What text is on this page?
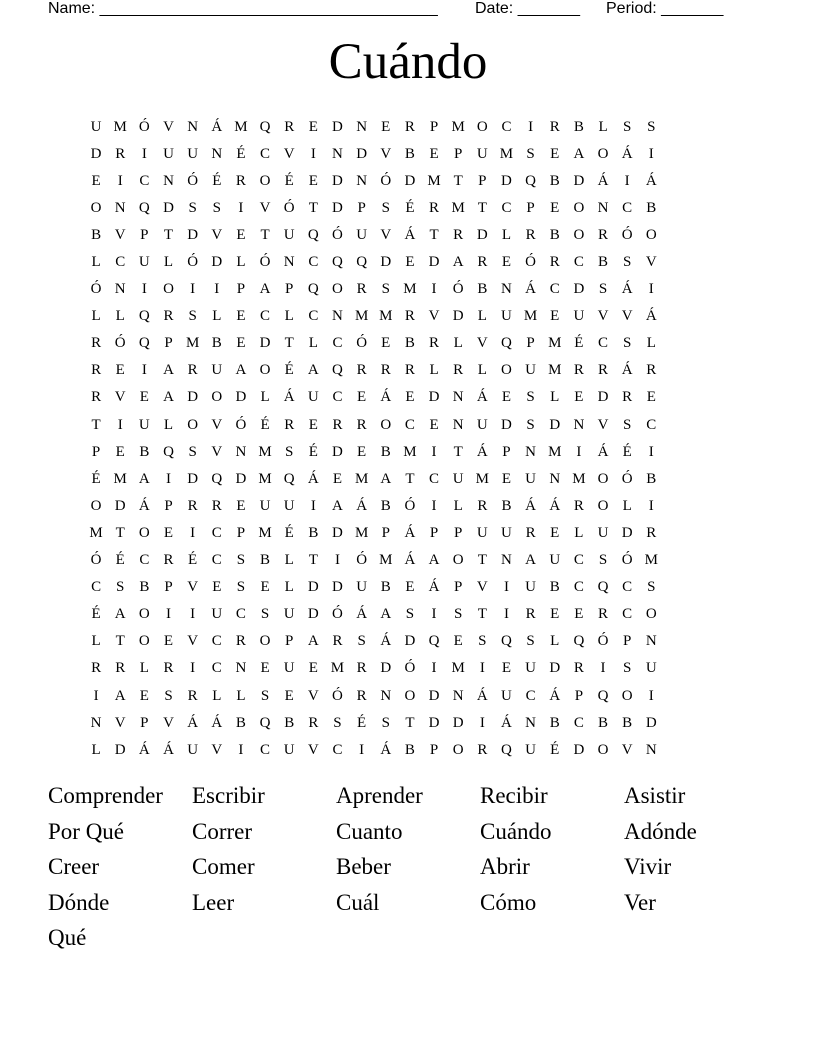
Name: ______________________________________ Date: _______ Period: _______
Cuándo
U M Ó V N Á M Q R E D N E R P M O C	I	R B L	S	S
D R	I	U U N É C V	I	N D V B E	P U M S	E A O Á	I
E	I	C N Ó É R O É E D N Ó D M T	P D Q B D Á	I	Á
O N Q D S	S	I	V Ó T D P	S	É R M T C P	E O N C B
B V P	T D V E T U Q Ó U V Á T R D L R B O R Ó O
L C U L Ó D L Ó N C Q Q D E D A R E Ó R C B S V
Ó N	I	O	I	I	P A P Q O R S M I	Ó B N Á C D S Á	I
L L Q R S	L E C L C N M M R V D L U M E U V V Á
R Ó Q P M B E D T L C Ó E B R L V Q P M É C S	L
R E	I	A R U A O É A Q R R R L R L O U M R R Á R
R V E A D O D L Á U C E Á E D N Á E	S	L E D R E
T	I	U L O V Ó É R E R R O C E N U D S D N V S C
P	E B Q S V N M S	É D E B M I	T Á P N M I	Á É	I
É M A	I	D Q D M Q Á E M A T C U M E U N M O Ó B
O D Á P R R E U U	I	A Á B Ó	I	L R B Á Á R O L	I
M T O E	I	C P M É B D M P Á P	P U U R E L U D R
Ó É C R É C S B L T	I	Ó M Á A O T N A U C S Ó M
C S B P V E	S	E L D D U B E Á P V	I	U B C Q C S
É A O	I	I	U C S U D Ó Á A S	I	S	T	I	R E E R C O
L T O E V C R O P A R S Á D Q E	S Q S	L Q Ó P N
R R L R	I	C N E U E M R D Ó	I M I	E U D R	I	S U
I	A E	S R L L	S	E V Ó R N O D N Á U C Á P Q O	I
N V P V Á Á B Q B R S	É	S	T D D	I	Á N B C B B D
L D Á Á U V	I	C U V C	I	Á B P O R Q U É D O V N
Comprender	Escribir	Aprender	Recibir	Asistir
Por Qué	Correr	Cuanto	Cuándo	Adónde
Creer	Comer	Beber	Abrir	Vivir
Dónde	Leer	Cuál	Cómo	Ver
Qué
